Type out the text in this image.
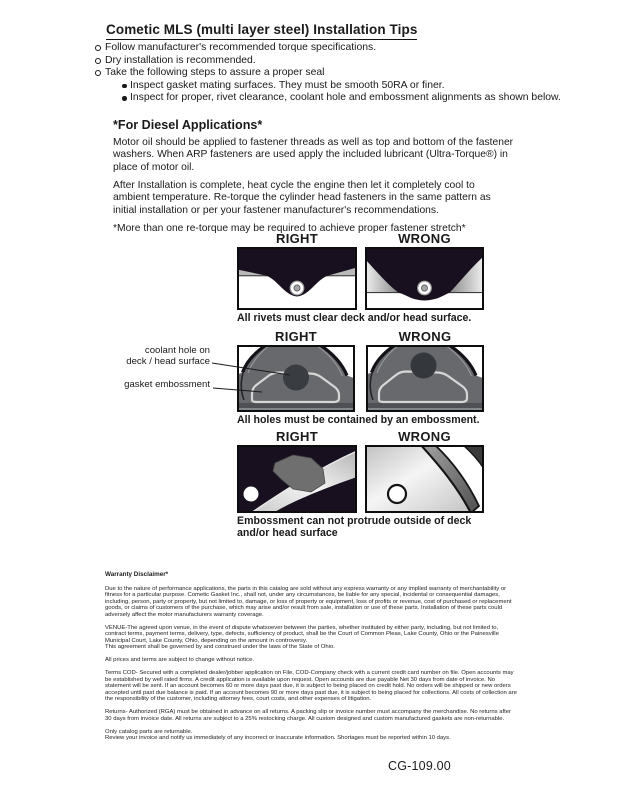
Cometic MLS (multi layer steel) Installation Tips
Follow manufacturer's recommended torque specifications.
Dry installation is recommended.
Take the following steps to assure a proper seal
Inspect gasket mating surfaces. They must be smooth 50RA or finer.
Inspect for proper, rivet clearance, coolant hole and embossment alignments as shown below.
*For Diesel Applications*

Motor oil should be applied to fastener threads as well as top and bottom of the fastener washers. When ARP fasteners are used apply the included lubricant (Ultra-Torque®) in place of motor oil.

After Installation is complete, heat cycle the engine then let it completely cool to ambient temperature. Re-torque the cylinder head fasteners in the same pattern as initial installation or per your fastener manufacturer's recommendations.

*More than one re-torque may be required to achieve proper fastener stretch*

RIGHT	WRONG
All rivets must clear deck and/or head surface.
RIGHT	WRONG
All holes must be contained by an embossment.
coolant hole on
deck / head surface
gasket embossment
RIGHT	WRONG
Embossment can not protrude outside of deck
and/or head surface
Warranty Disclaimer*

Due to the nature of performance applications, the parts in this catalog are sold without any express warranty or any implied warranty of merchantability or fitness for a particular purpose. Cometic Gasket Inc., shall not, under any circumstances, be liable for any special, incidental or consequential damages, including, person, party or property, but not limited to, damage, or loss of property or equipment, loss of profits or revenue, cost of purchased or replacement goods, or claims of customers of the purchase, which may arise and/or result from sale, installation or use of these parts. Installation of these parts could adversely affect the motor manufacturers warranty coverage.

VENUE-The agreed upon venue, in the event of dispute whatsoever between the parties, whether instituted by either party, including, but not limited to, contract terms, payment terms, delivery, type, defects, sufficiency of product, shall be the Court of Common Pleas, Lake County, Ohio or the Painesville Municipal Court, Lake County, Ohio, depending on the amount in controversy.

This agreement shall be governed by and construed under the laws of the State of Ohio.

All prices and terms are subject to change without notice.

Terms COD- Secured with a completed dealer/jobber application on File, COD-Company check with a current credit card number on file. Open accounts may be established by well rated firms. A credit application is available upon request. Open accounts are due payable Net 30 days from date of invoice. No statement will be sent. If an account becomes 60 or more days past due, it is subject to being placed on credit hold. No orders will be shipped or new orders accepted until past due balance is paid. If an account becomes 90 or more days past due, it is subject to being placed for collections. All costs of collection are the responsibility of the customer, including attorney fees, court costs, and other expenses of litigation.

Returns- Authorized (RGA) must be obtained in advance on all returns. A packing slip or invoice number must accompany the merchandise. No returns after 30 days from invoice date. All returns are subject to a 25% restocking charge. All custom designed and custom manufactured gaskets are non-returnable.

Only catalog parts are returnable.

Review your invoice and notify us immediately of any incorrect or inaccurate information. Shortages must be reported within 10 days.

CG-109.00
